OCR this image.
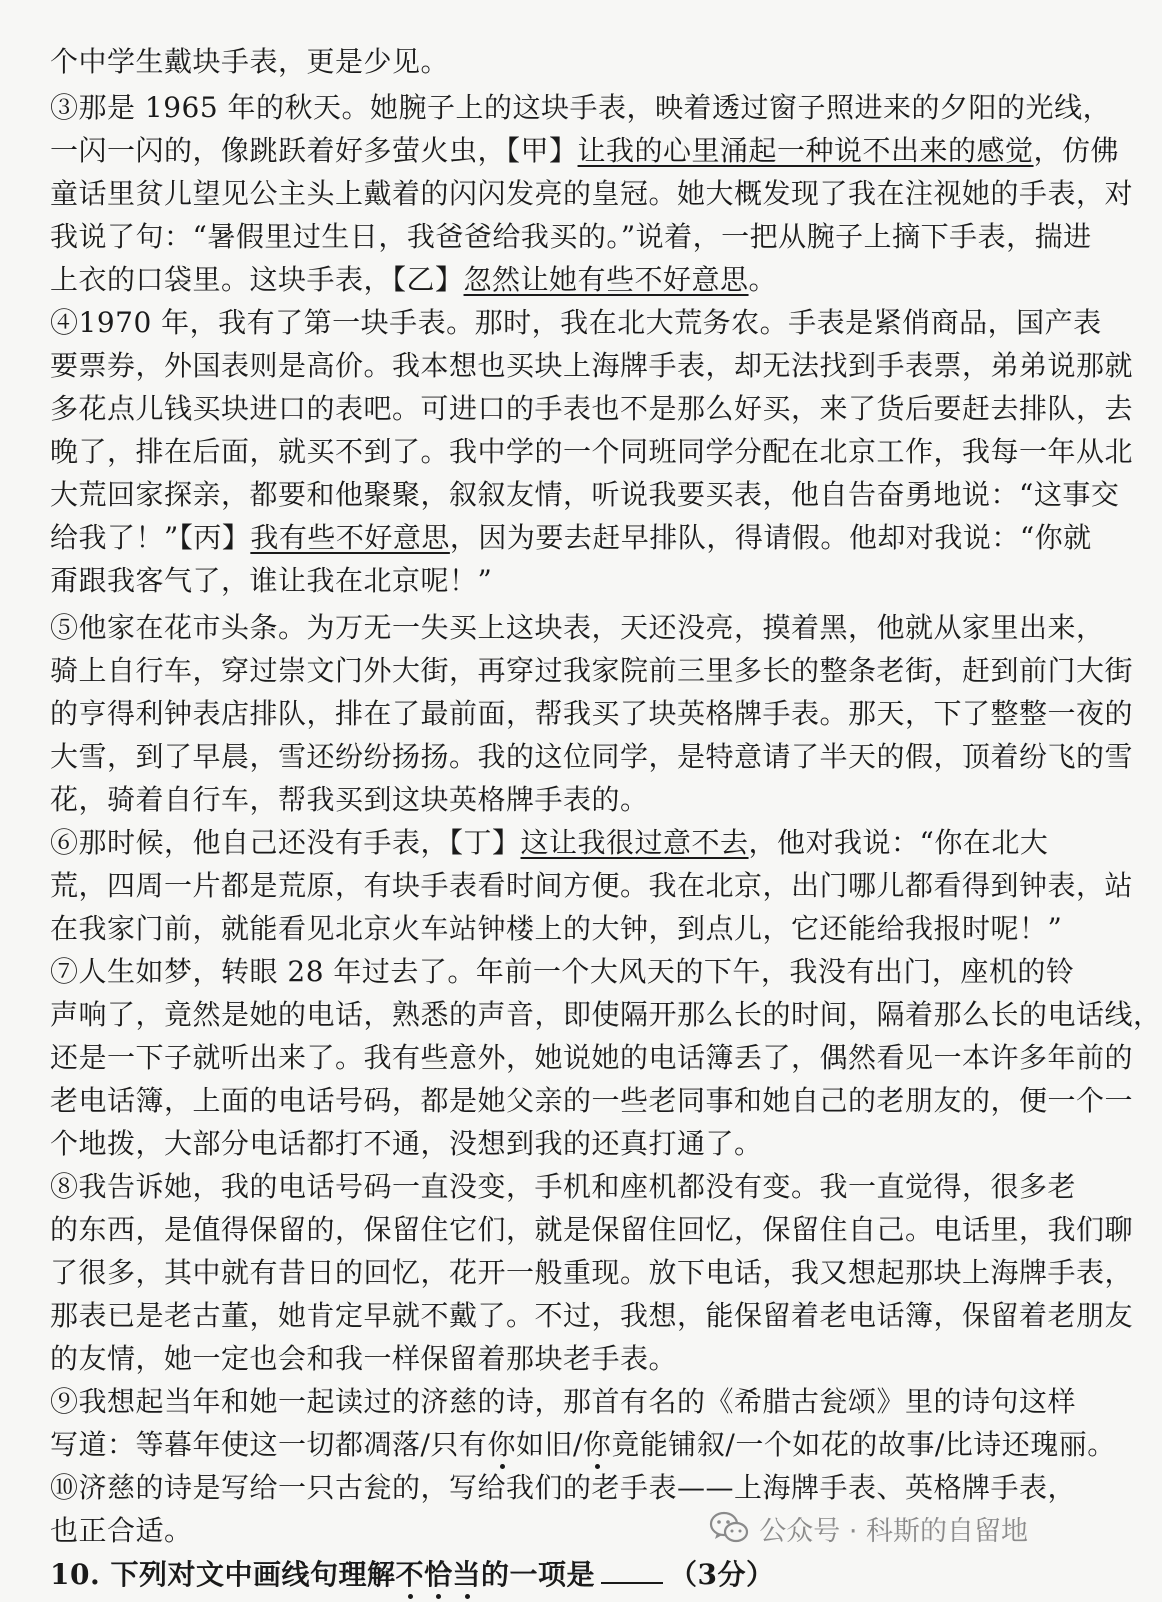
个中学生戴块手表，更是少见。
③那是 1965 年的秋天。她腕子上的这块手表，映着透过窗子照进来的夕阳的光线，
一闪一闪的，像跳跃着好多萤火虫，【甲】让我的心里涌起一种说不出来的感觉，仿佛
童话里贫儿望见公主头上戴着的闪闪发亮的皇冠。她大概发现了我在注视她的手表，对
我说了句：“暑假里过生日，我爸爸给我买的。”说着，一把从腕子上摘下手表，揣进
上衣的口袋里。这块手表，【乙】忽然让她有些不好意思。
④1970 年，我有了第一块手表。那时，我在北大荒务农。手表是紧俏商品，国产表
要票券，外国表则是高价。我本想也买块上海牌手表，却无法找到手表票，弟弟说那就
多花点儿钱买块进口的表吧。可进口的手表也不是那么好买，来了货后要赶去排队，去
晚了，排在后面，就买不到了。我中学的一个同班同学分配在北京工作，我每一年从北
大荒回家探亲，都要和他聚聚，叙叙友情，听说我要买表，他自告奋勇地说：“这事交
给我了！”【丙】我有些不好意思，因为要去赶早排队，得请假。他却对我说：“你就
甭跟我客气了，谁让我在北京呢！”
⑤他家在花市头条。为万无一失买上这块表，天还没亮，摸着黑，他就从家里出来，
骑上自行车，穿过崇文门外大街，再穿过我家院前三里多长的整条老街，赶到前门大街
的亨得利钟表店排队，排在了最前面，帮我买了块英格牌手表。那天，下了整整一夜的
大雪，到了早晨，雪还纷纷扬扬。我的这位同学，是特意请了半天的假，顶着纷飞的雪
花，骑着自行车，帮我买到这块英格牌手表的。
⑥那时候，他自己还没有手表，【丁】这让我很过意不去，他对我说：“你在北大
荒，四周一片都是荒原，有块手表看时间方便。我在北京，出门哪儿都看得到钟表，站
在我家门前，就能看见北京火车站钟楼上的大钟，到点儿，它还能给我报时呢！”
⑦人生如梦，转眼 28 年过去了。年前一个大风天的下午，我没有出门，座机的铃
声响了，竟然是她的电话，熟悉的声音，即使隔开那么长的时间，隔着那么长的电话线，
还是一下子就听出来了。我有些意外，她说她的电话簿丢了，偶然看见一本许多年前的
老电话簿，上面的电话号码，都是她父亲的一些老同事和她自己的老朋友的，便一个一
个地拨，大部分电话都打不通，没想到我的还真打通了。
⑧我告诉她，我的电话号码一直没变，手机和座机都没有变。我一直觉得，很多老
的东西，是值得保留的，保留住它们，就是保留住回忆，保留住自己。电话里，我们聊
了很多，其中就有昔日的回忆，花开一般重现。放下电话，我又想起那块上海牌手表，
那表已是老古董，她肯定早就不戴了。不过，我想，能保留着老电话簿，保留着老朋友
的友情，她一定也会和我一样保留着那块老手表。
⑨我想起当年和她一起读过的济慈的诗，那首有名的《希腊古瓮颂》里的诗句这样
写道：等暮年使这一切都凋落/只有你如旧/你竟能铺叙/一个如花的故事/比诗还瑰丽。
⑩济慈的诗是写给一只古瓮的，写给我们的老手表——上海牌手表、英格牌手表，
也正合适。
10. 下列对文中画线句理解不恰当的一项是	（3分）
公众号 · 科斯的自留地
